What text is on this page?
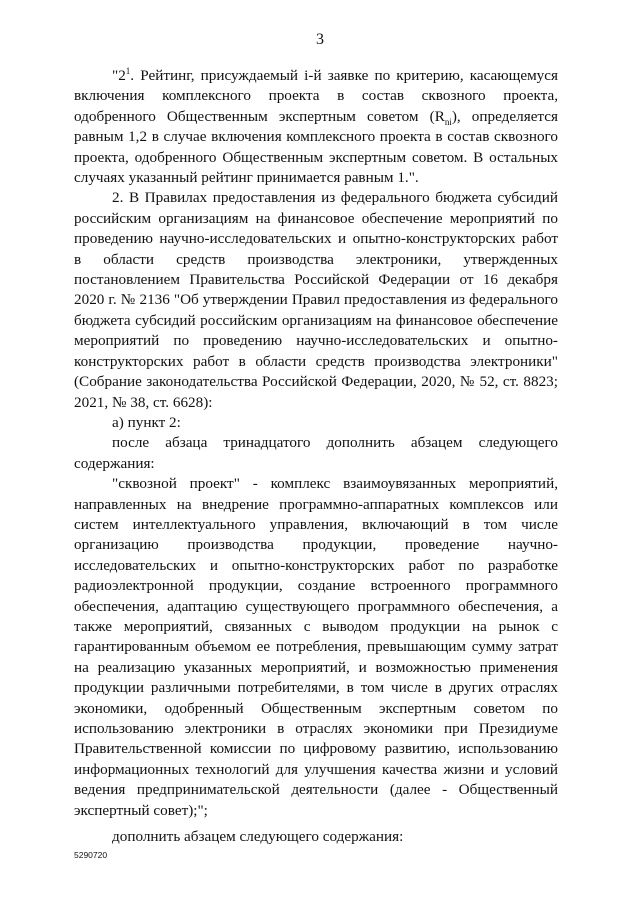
3

"$2^1$. Рейтинг, присуждаемый i-й заявке по критерию, касающемуся включения комплексного проекта в состав сквозного проекта, одобренного Общественным экспертным советом $(R_{ni})$, определяется равным 1,2 в случае включения комплексного проекта в состав сквозного проекта, одобренного Общественным экспертным советом. В остальных случаях указанный рейтинг принимается равным 1.".

2. В Правилах предоставления из федерального бюджета субсидий российским организациям на финансовое обеспечение мероприятий по проведению научно-исследовательских и опытно-конструкторских работ в области средств производства электроники, утвержденных постановлением Правительства Российской Федерации от 16 декабря 2020 г. № 2136 "Об утверждении Правил предоставления из федерального бюджета субсидий российским организациям на финансовое обеспечение мероприятий по проведению научно-исследовательских и опытно-конструкторских работ в области средств производства электроники" (Собрание законодательства Российской Федерации, 2020, № 52, ст. 8823; 2021, № 38, ст. 6628):

а) пункт 2:

после абзаца тринадцатого дополнить абзацем следующего содержания:

"сквозной проект" - комплекс взаимоувязанных мероприятий, направленных на внедрение программно-аппаратных комплексов или систем интеллектуального управления, включающий в том числе организацию производства продукции, проведение научно-исследовательских и опытно-конструкторских работ по разработке радиоэлектронной продукции, создание встроенного программного обеспечения, адаптацию существующего программного обеспечения, а также мероприятий, связанных с выводом продукции на рынок с гарантированным объемом ее потребления, превышающим сумму затрат на реализацию указанных мероприятий, и возможностью применения продукции различными потребителями, в том числе в других отраслях экономики, одобренный Общественным экспертным советом по использованию электроники в отраслях экономики при Президиуме Правительственной комиссии по цифровому развитию, использованию информационных технологий для улучшения качества жизни и условий ведения предпринимательской деятельности (далее - Общественный экспертный совет);";

дополнить абзацем следующего содержания:

5290720
